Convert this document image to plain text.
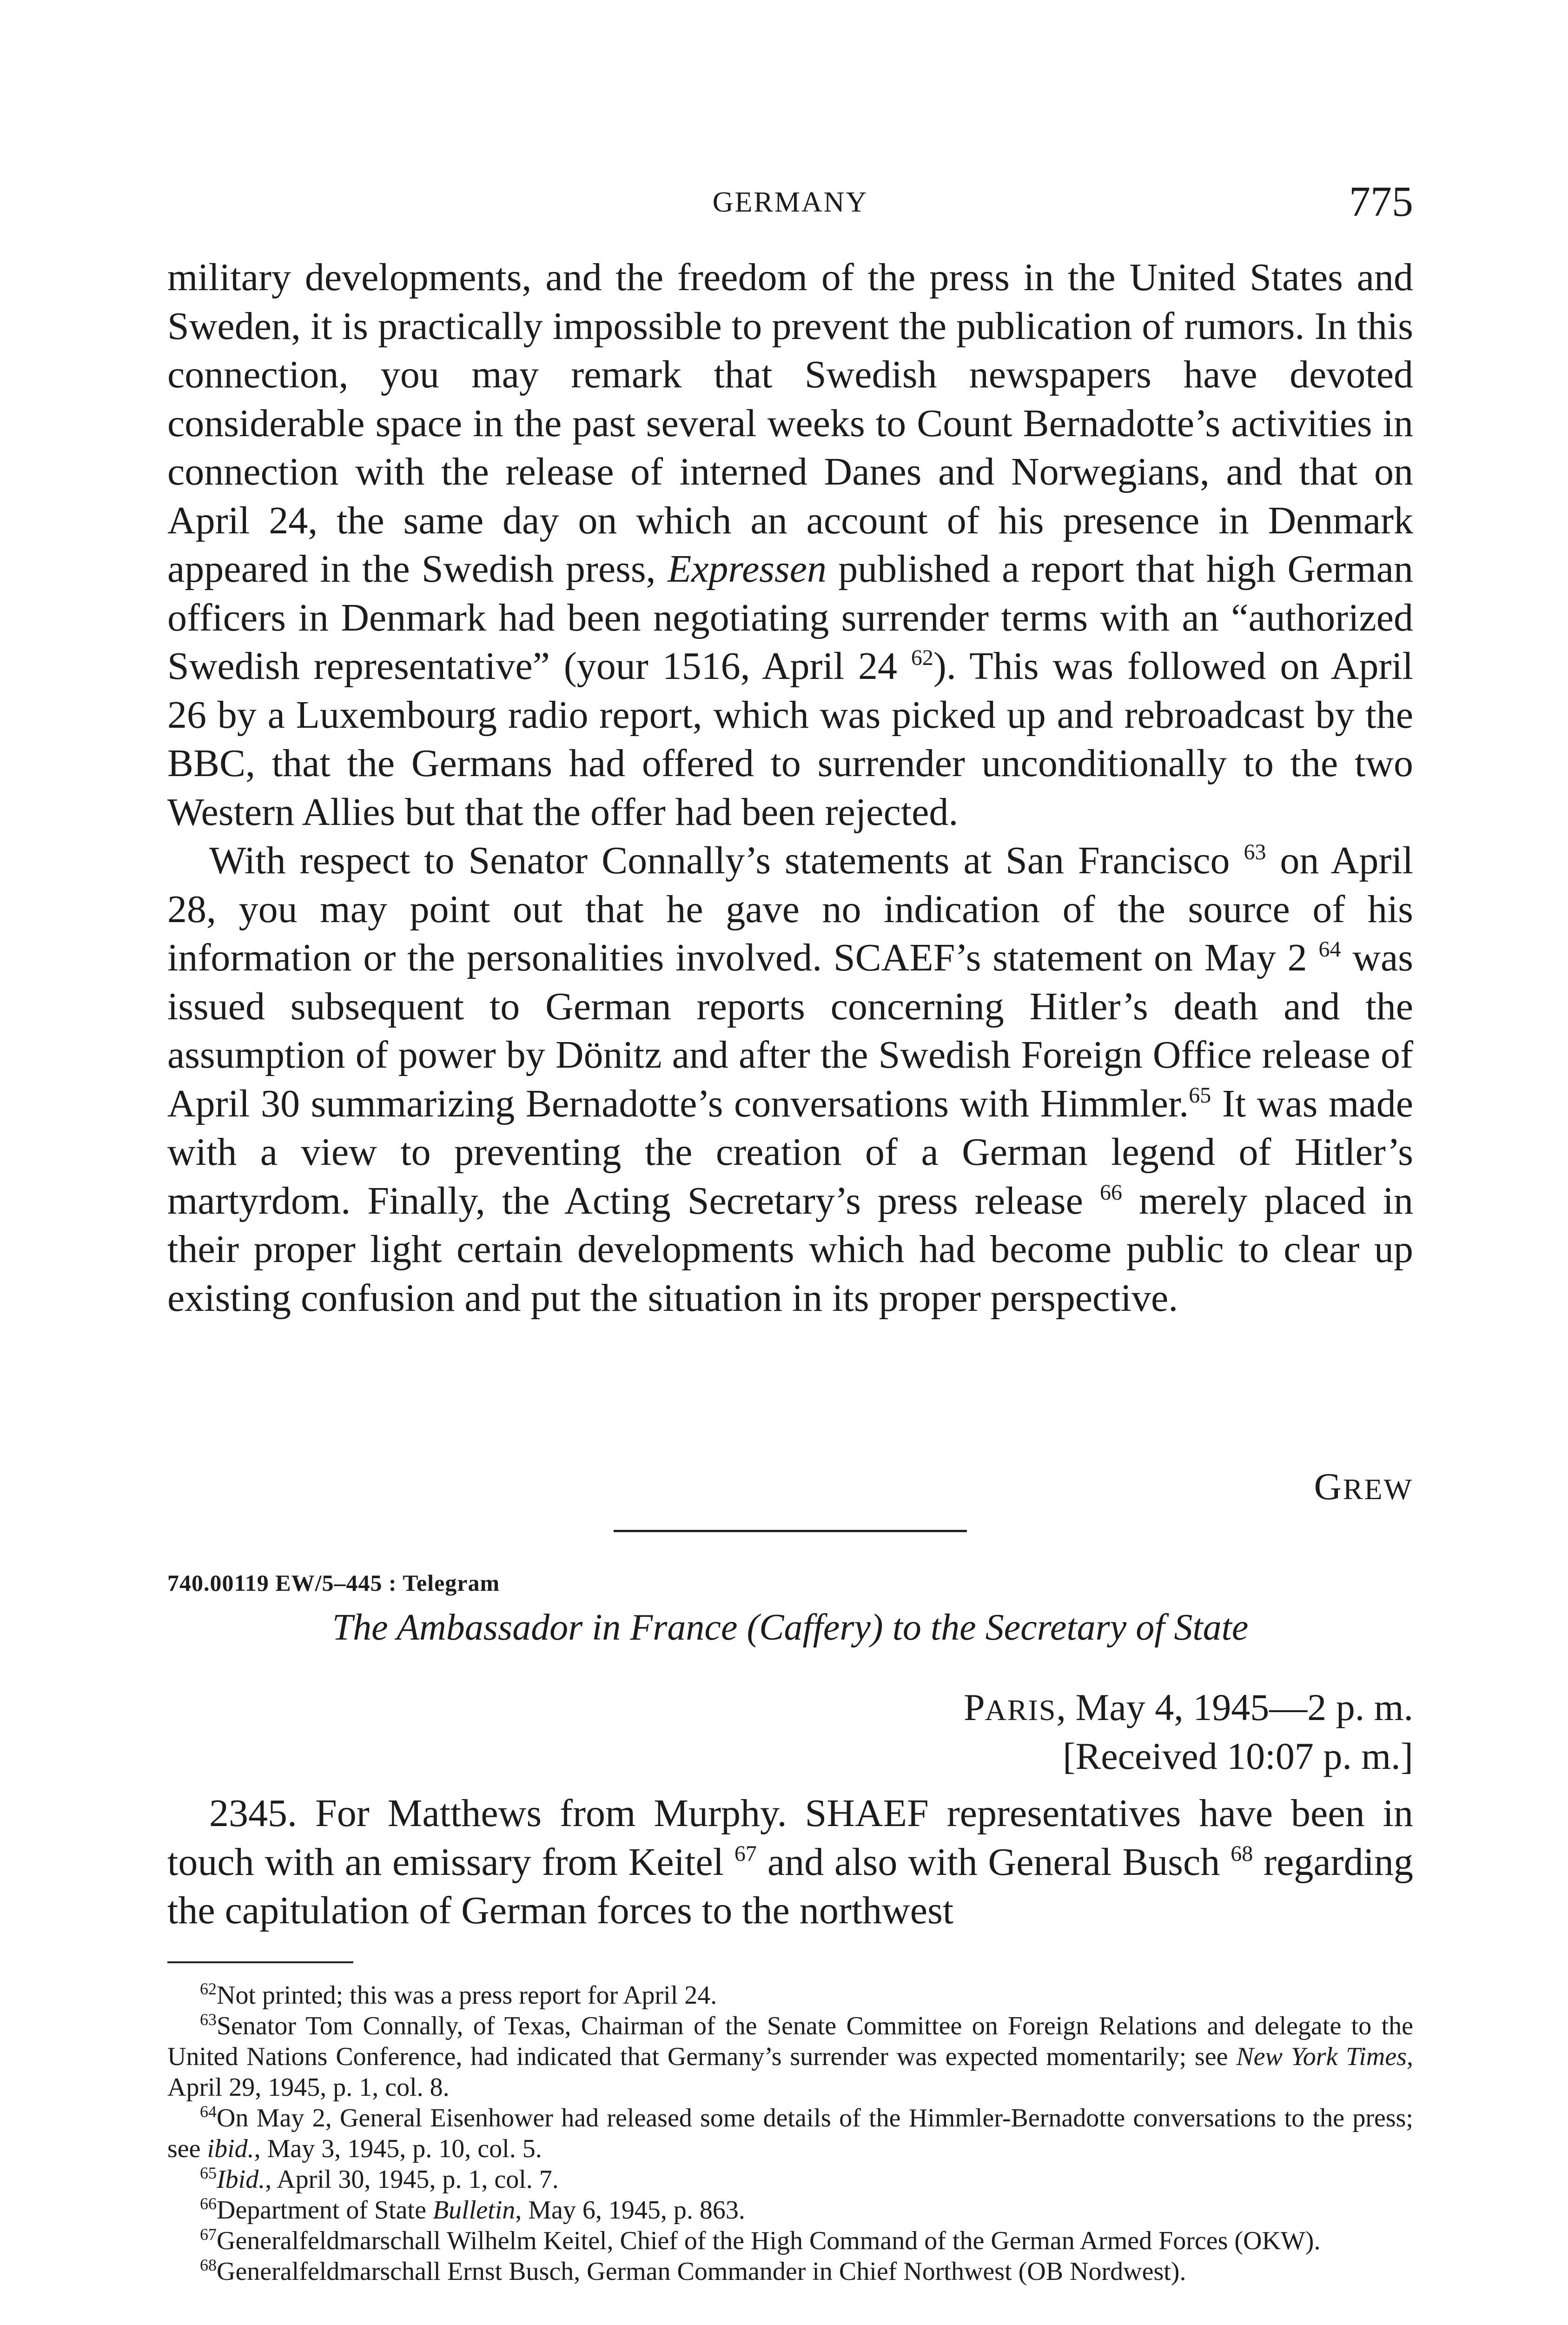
GERMANY	775

military developments, and the freedom of the press in the United States and Sweden, it is practically impossible to prevent the publication of rumors. In this connection, you may remark that Swedish newspapers have devoted considerable space in the past several weeks to Count Bernadotte’s activities in connection with the release of interned Danes and Norwegians, and that on April 24, the same day on which an account of his presence in Denmark appeared in the Swedish press, Expressen published a report that high German officers in Denmark had been negotiating surrender terms with an “authorized Swedish representative” (your 1516, April 24 $^{62}$). This was followed on April 26 by a Luxembourg radio report, which was picked up and rebroadcast by the BBC, that the Germans had offered to surrender unconditionally to the two Western Allies but that the offer had been rejected.

With respect to Senator Connally’s statements at San Francisco $^{63}$ on April 28, you may point out that he gave no indication of the source of his information or the personalities involved. SCAEF’s statement on May 2 $^{64}$ was issued subsequent to German reports concerning Hitler’s death and the assumption of power by Dönitz and after the Swedish Foreign Office release of April 30 summarizing Bernadotte’s conversations with Himmler.$^{65}$ It was made with a view to preventing the creation of a German legend of Hitler’s martyrdom. Finally, the Acting Secretary’s press release $^{66}$ merely placed in their proper light certain developments which had become public to clear up existing confusion and put the situation in its proper perspective.

GREW
740.00119 EW/5–445 : Telegram
The Ambassador in France (Caffery) to the Secretary of State
PARIS, May 4, 1945—2 p. m.
[Received 10:07 p. m.]

2345. For Matthews from Murphy. SHAEF representatives have been in touch with an emissary from Keitel $^{67}$ and also with General Busch $^{68}$ regarding the capitulation of German forces to the northwest

$^{62}$Not printed; this was a press report for April 24.

$^{63}$Senator Tom Connally, of Texas, Chairman of the Senate Committee on Foreign Relations and delegate to the United Nations Conference, had indicated that Germany’s surrender was expected momentarily; see New York Times, April 29, 1945, p. 1, col. 8.

$^{64}$On May 2, General Eisenhower had released some details of the Himmler-Bernadotte conversations to the press; see ibid., May 3, 1945, p. 10, col. 5.

$^{65}$Ibid., April 30, 1945, p. 1, col. 7.

$^{66}$Department of State Bulletin, May 6, 1945, p. 863.

$^{67}$Generalfeldmarschall Wilhelm Keitel, Chief of the High Command of the German Armed Forces (OKW).

$^{68}$Generalfeldmarschall Ernst Busch, German Commander in Chief Northwest (OB Nordwest).
